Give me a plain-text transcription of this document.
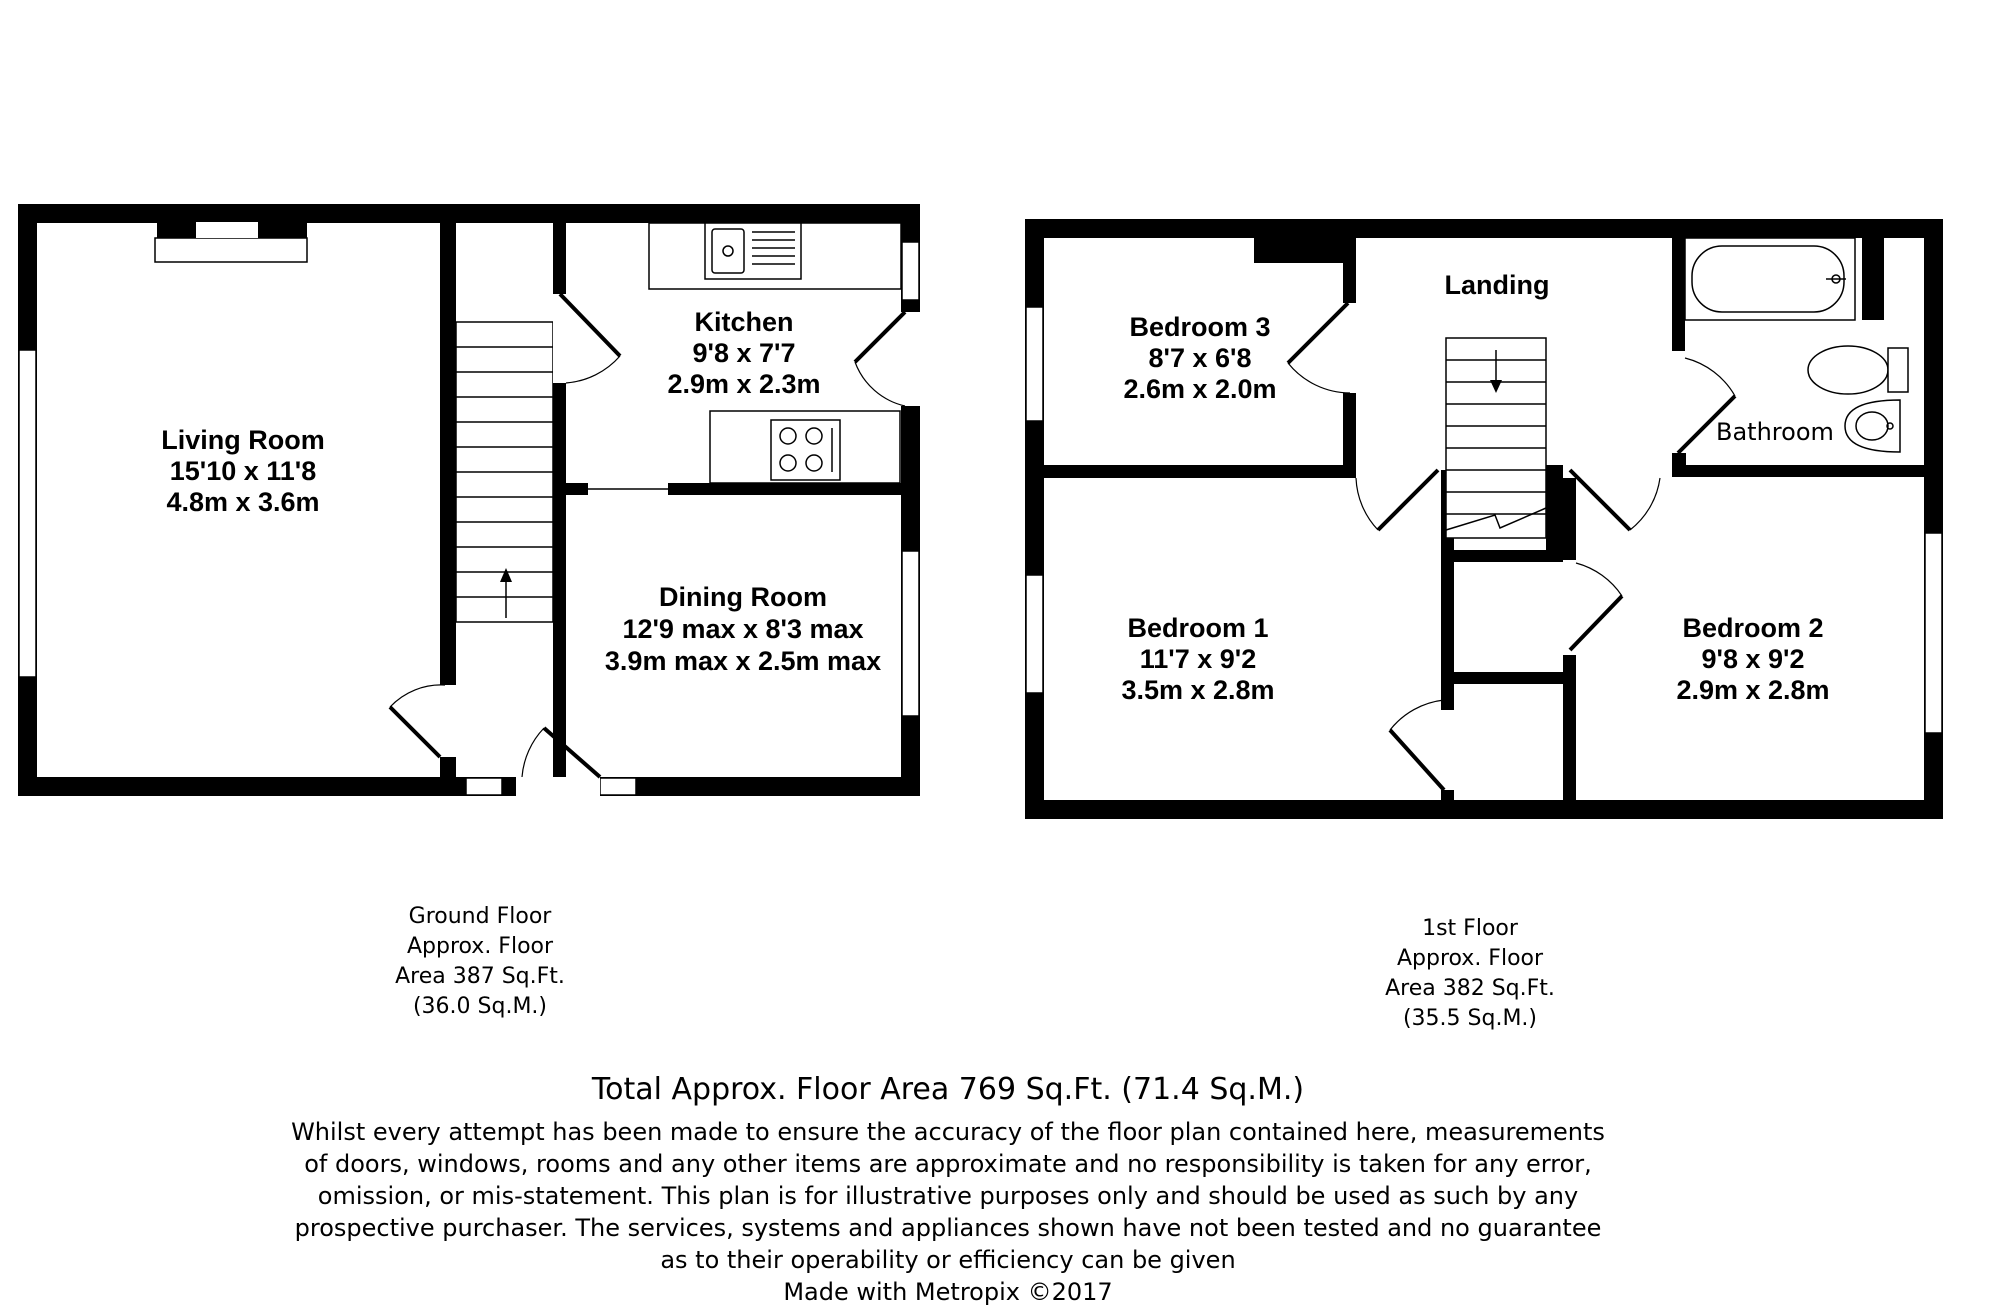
Living Room
15'10 x 11'8
4.8m x 3.6m
Kitchen
9'8 x 7'7
2.9m x 2.3m
Dining Room
12'9 max x 8'3 max
3.9m max x 2.5m max
Bedroom 3
8'7 x 6'8
2.6m x 2.0m
Landing
Bathroom
Bedroom 1
11'7 x 9'2
3.5m x 2.8m
Bedroom 2
9'8 x 9'2
2.9m x 2.8m
Ground Floor
Approx. Floor
Area 387 Sq.Ft.
(36.0 Sq.M.)
1st Floor
Approx. Floor
Area 382 Sq.Ft.
(35.5 Sq.M.)
Total Approx. Floor Area 769 Sq.Ft. (71.4 Sq.M.)
Whilst every attempt has been made to ensure the accuracy of the floor plan contained here, measurements
of doors, windows, rooms and any other items are approximate and no responsibility is taken for any error,
omission, or mis-statement. This plan is for illustrative purposes only and should be used as such by any
prospective purchaser. The services, systems and appliances shown have not been tested and no guarantee
as to their operability or efficiency can be given
Made with Metropix ©2017
